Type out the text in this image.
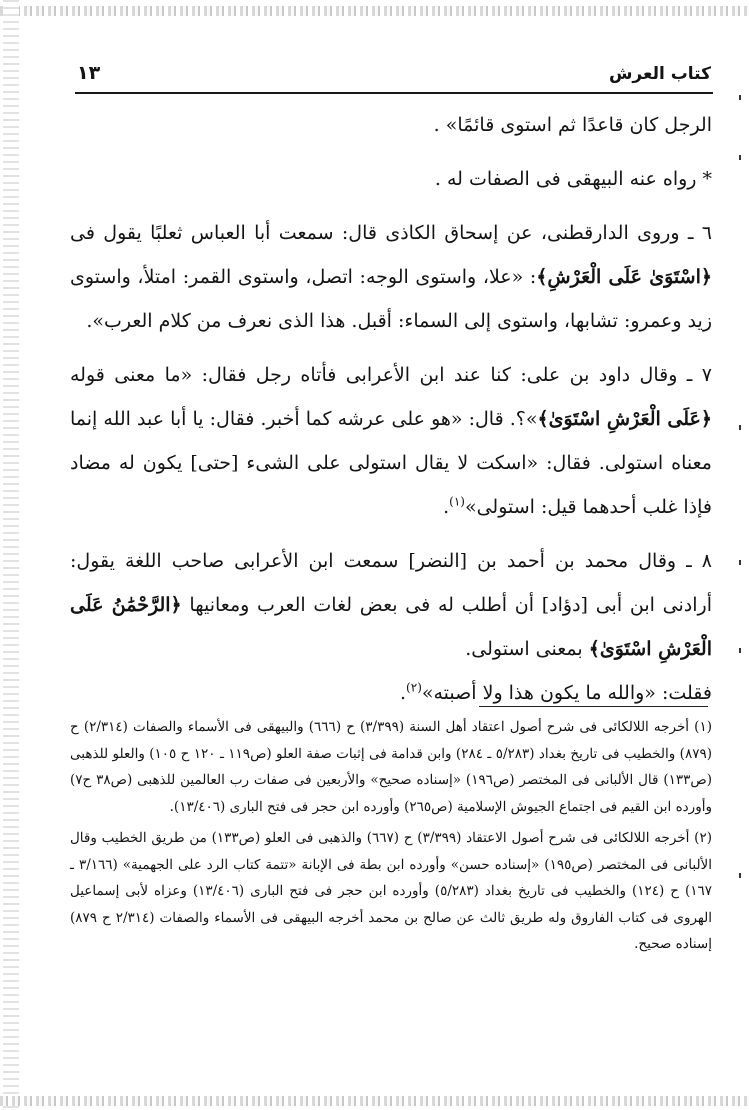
كتاب العرش
١٣

الرجل كان قاعدًا ثم استوى قائمًا» .

* رواه عنه البيهقى فى الصفات له .

٦ ـ وروى الدارقطنى، عن إسحاق الكاذى قال: سمعت أبا العباس ثعلبًا يقول فى ﴿اسْتَوَىٰ عَلَى الْعَرْشِ﴾: «علا، واستوى الوجه: اتصل، واستوى القمر: امتلأ، واستوى زيد وعمرو: تشابها، واستوى إلى السماء: أقبل. هذا الذى نعرف من كلام العرب».

٧ ـ وقال داود بن على: كنا عند ابن الأعرابى فأتاه رجل فقال: «ما معنى قوله ﴿عَلَى الْعَرْشِ اسْتَوَىٰ﴾»؟. قال: «هو على عرشه كما أخبر. فقال: يا أبا عبد الله إنما معناه استولى. فقال: «اسكت لا يقال استولى على الشىء [حتى] يكون له مضاد فإذا غلب أحدهما قيل: استولى»$^{(١)}$.

٨ ـ وقال محمد بن أحمد بن [النضر] سمعت ابن الأعرابى صاحب اللغة يقول: أرادنى ابن أبى [دؤاد] أن أطلب له فى بعض لغات العرب ومعانيها ﴿الرَّحْمَٰنُ عَلَى الْعَرْشِ اسْتَوَىٰ﴾ بمعنى استولى.

فقلت: «والله ما يكون هذا ولا أصبته»$^{(٢)}$.

(١) أخرجه اللالكائى فى شرح أصول اعتقاد أهل السنة (٣/٣٩٩) ح (٦٦٦) والبيهقى فى الأسماء والصفات (٢/٣١٤) ح (٨٧٩) والخطيب فى تاريخ بغداد (٥/٢٨٣ ـ ٢٨٤) وابن قدامة فى إثبات صفة العلو (ص١١٩ ـ ١٢٠ ح ١٠٥) والعلو للذهبى (ص١٣٣) قال الألبانى فى المختصر (ص١٩٦) «إسناده صحيح» والأربعين فى صفات رب العالمين للذهبى (ص٣٨ ح٧) وأورده ابن القيم فى اجتماع الجيوش الإسلامية (ص٢٦٥) وأورده ابن حجر فى فتح البارى (١٣/٤٠٦).

(٢) أخرجه اللالكائى فى شرح أصول الاعتقاد (٣/٣٩٩) ح (٦٦٧) والذهبى فى العلو (ص١٣٣) من طريق الخطيب وقال الألبانى فى المختصر (ص١٩٥) «إسناده حسن» وأورده ابن بطة فى الإبانة «تتمة كتاب الرد على الجهمية» (٣/١٦٦ ـ ١٦٧) ح (١٢٤) والخطيب فى تاريخ بغداد (٥/٢٨٣) وأورده ابن حجر فى فتح البارى (١٣/٤٠٦) وعزاه لأبى إسماعيل الهروى فى كتاب الفاروق وله طريق ثالث عن صالح بن محمد أخرجه البيهقى فى الأسماء والصفات (٢/٣١٤ ح ٨٧٩) إسناده صحيح.
